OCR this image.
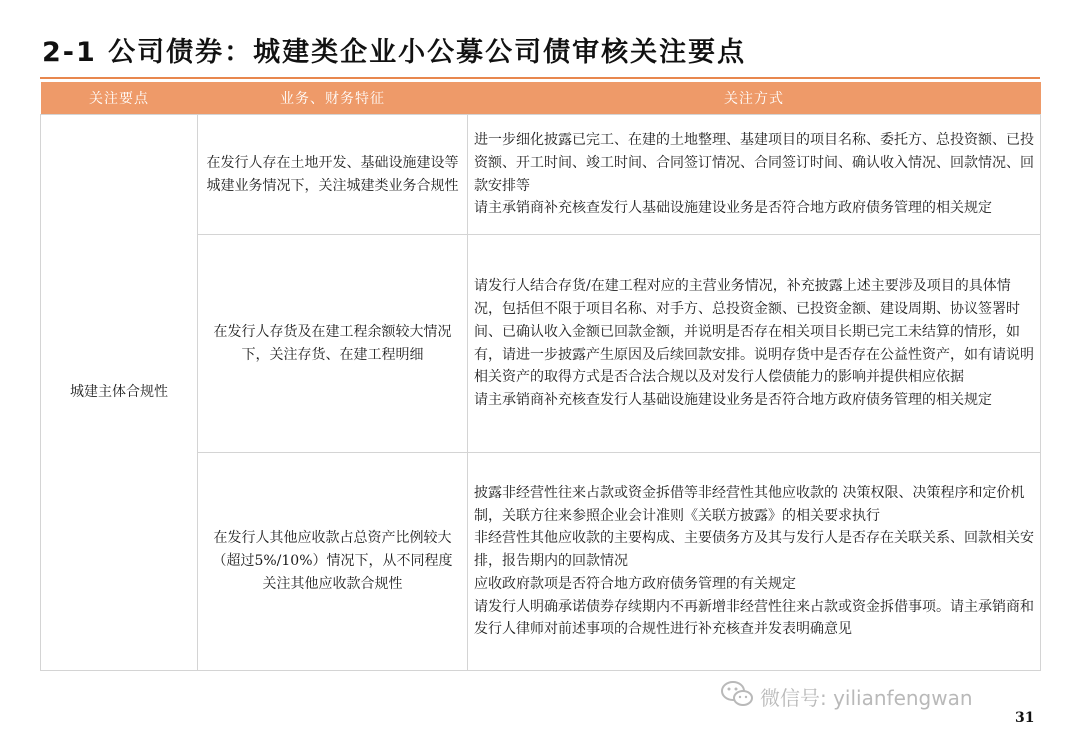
2-1 公司债券：城建类企业小公募公司债审核关注要点
关注要点	业务、财务特征	关注方式
城建主体合规性	在发行人存在土地开发、基础设施建设等城建业务情况下，关注城建类业务合规性	进一步细化披露已完工、在建的土地整理、基建项目的项目名称、委托方、总投资额、已投资额、开工时间、竣工时间、合同签订情况、合同签订时间、确认收入情况、回款情况、回款安排等
请主承销商补充核查发行人基础设施建设业务是否符合地方政府债务管理的相关规定

	在发行人存货及在建工程余额较大情况下，关注存货、在建工程明细	请发行人结合存货/在建工程对应的主营业务情况，补充披露上述主要涉及项目的具体情况，包括但不限于项目名称、对手方、总投资金额、已投资金额、建设周期、协议签署时间、已确认收入金额已回款金额，并说明是否存在相关项目长期已完工未结算的情形，如有，请进一步披露产生原因及后续回款安排。说明存货中是否存在公益性资产，如有请说明相关资产的取得方式是否合法合规以及对发行人偿债能力的影响并提供相应依据
请主承销商补充核查发行人基础设施建设业务是否符合地方政府债务管理的相关规定

	在发行人其他应收款占总资产比例较大（超过5%/10%）情况下，从不同程度关注其他应收款合规性	披露非经营性往来占款或资金拆借等非经营性其他应收款的 决策权限、决策程序和定价机制，关联方往来参照企业会计准则《关联方披露》的相关要求执行
非经营性其他应收款的主要构成、主要债务方及其与发行人是否存在关联关系、回款相关安排，报告期内的回款情况
应收政府款项是否符合地方政府债务管理的有关规定
请发行人明确承诺债券存续期内不再新增非经营性往来占款或资金拆借事项。请主承销商和发行人律师对前述事项的合规性进行补充核查并发表明确意见
微信号: yilianfengwan
31
